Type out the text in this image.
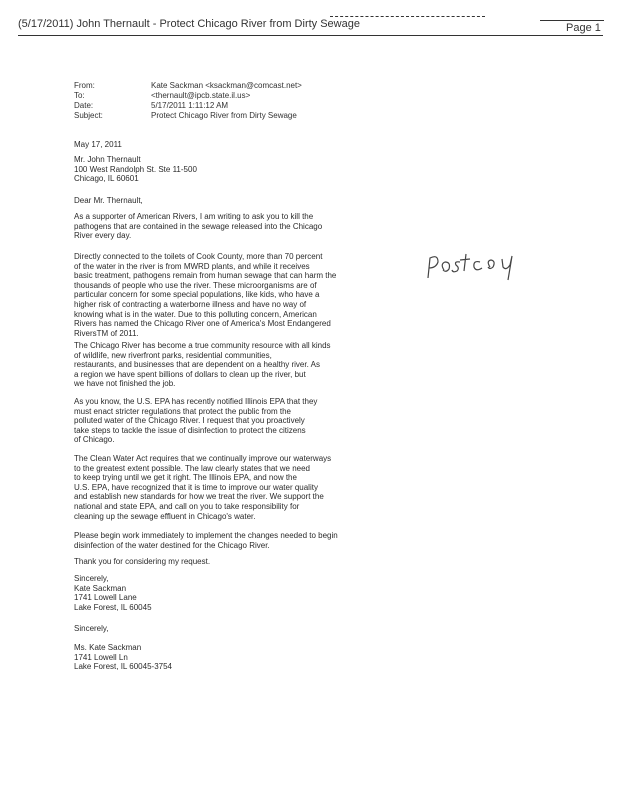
(5/17/2011) John Thernault - Protect Chicago River from Dirty Sewage	Page 1
From:	Kate Sackman <ksackman@comcast.net>
To:	<thernault@ipcb.state.il.us>
Date:	5/17/2011 1:11:12 AM
Subject:	Protect Chicago River from Dirty Sewage
May 17, 2011
Mr. John Thernault
100 West Randolph St. Ste 11-500
Chicago, IL 60601
Dear Mr. Thernault,

As a supporter of American Rivers, I am writing to ask you to kill the

pathogens that are contained in the sewage released into the Chicago

River every day.

Directly connected to the toilets of Cook County, more than 70 percent

of the water in the river is from MWRD plants, and while it receives

basic treatment, pathogens remain from human sewage that can harm the

thousands of people who use the river. These microorganisms are of

particular concern for some special populations, like kids, who have a

higher risk of contracting a waterborne illness and have no way of

knowing what is in the water. Due to this polluting concern, American

Rivers has named the Chicago River one of America's Most Endangered

RiversTM of 2011.

The Chicago River has become a true community resource with all kinds

of wildlife, new riverfront parks, residential communities,

restaurants, and businesses that are dependent on a healthy river. As

a region we have spent billions of dollars to clean up the river, but

we have not finished the job.

As you know, the U.S. EPA has recently notified Illinois EPA that they

must enact stricter regulations that protect the public from the

polluted water of the Chicago River. I request that you proactively

take steps to tackle the issue of disinfection to protect the citizens

of Chicago.

The Clean Water Act requires that we continually improve our waterways

to the greatest extent possible. The law clearly states that we need

to keep trying until we get it right. The Illinois EPA, and now the

U.S. EPA, have recognized that it is time to improve our water quality

and establish new standards for how we treat the river. We support the

national and state EPA, and call on you to take responsibility for

cleaning up the sewage effluent in Chicago's water.

Please begin work immediately to implement the changes needed to begin

disinfection of the water destined for the Chicago River.

Thank you for considering my request.

Sincerely,
Kate Sackman
1741 Lowell Lane
Lake Forest, IL 60045
Sincerely,
Ms. Kate Sackman
1741 Lowell Ln
Lake Forest, IL 60045-3754
